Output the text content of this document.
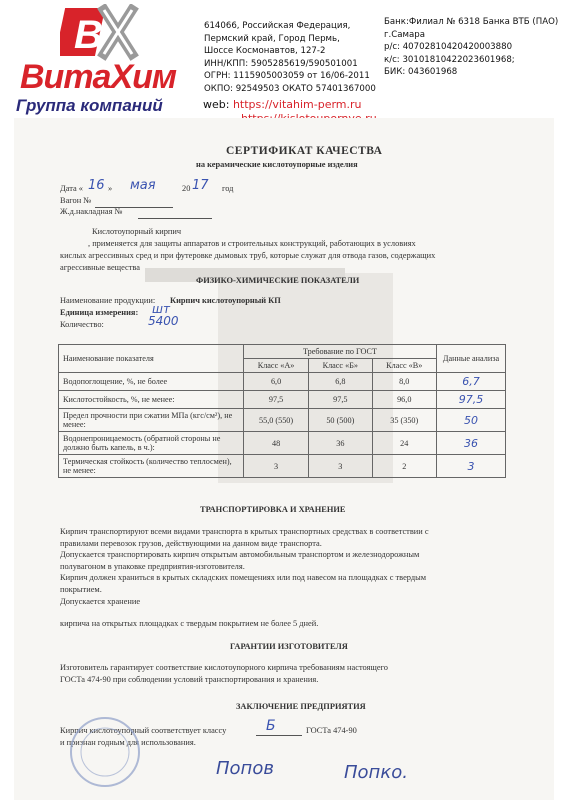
В
ВитаХим
Группа компаний
614066, Российская Федерация,
Пермский край, Город Пермь,
Шоссе Космонавтов, 127-2
ИНН/КПП: 5905285619/590501001
ОГРН: 1115905003059 от 16/06-2011
ОКПО: 92549503 ОКАТО 57401367000
Банк:Филиал № 6318 Банка ВТБ (ПАО)
г.Самара
р/с: 40702810420420003880
к/с: 30101810422023601968;
БИК: 043601968
web: https://vitahim-perm.ru
СЕРТИФИКАТ КАЧЕСТВА
на керамические кислотоупорные изделия
Дата « 16 » мая	20 17 год
Вагон №
Ж.д.накладная №
Кислотоупорный кирпич
, применяется для защиты аппаратов и строительных конструкций, работающих в условиях
кислых агрессивных сред и при футеровке дымовых труб, которые служат для отвода газов, содержащих
агрессивные вещества
ФИЗИКО-ХИМИЧЕСКИЕ ПОКАЗАТЕЛИ
Наименование продукции: Кирпич кислотоупорный КП
Единица измерения: шт
Количество:	5400
Наименование показателя	Требование по ГОСТ			Данные анализа
	Класс «А»	Класс «Б»	Класс «В»	
Водопоглощение, %, не более	6,0	6,8	8,0	6,7
Кислотостойкость, %, не менее:	97,5	97,5	96,0	97,5
Предел прочности при сжатии МПа (кгс/см²), не менее:	55,0 (550)	50 (500)	35 (350)	50
Водонепроницаемость (обратной стороны не должно быть капель, в ч.):	48	36	24	36
Термическая стойкость (количество теплосмен), не менее:	3	3	2	3
ТРАНСПОРТИРОВКА И ХРАНЕНИЕ
Кирпич транспортируют всеми видами транспорта в крытых транспортных средствах в соответствии с
правилами перевозок грузов, действующими на данном виде транспорта.
Допускается транспортировать кирпич открытым автомобильным транспортом и железнодорожным
полувагоном в упаковке предприятия-изготовителя.
Кирпич должен храниться в крытых складских помещениях или под навесом на площадках с твердым
покрытием.
Допускается хранение
кирпича на открытых площадках с твердым покрытием не более 5 дней.
ГАРАНТИИ ИЗГОТОВИТЕЛЯ
Изготовитель гарантирует соответствие кислотоупорного кирпича требованиям настоящего
ГОСТа 474-90 при соблюдении условий транспортирования и хранения.
ЗАКЛЮЧЕНИЕ ПРЕДПРИЯТИЯ
Кирпич кислотоупорный соответствует классу	Б	ГОСТа 474-90
и признан годным для использования.
Попов	Попко.
